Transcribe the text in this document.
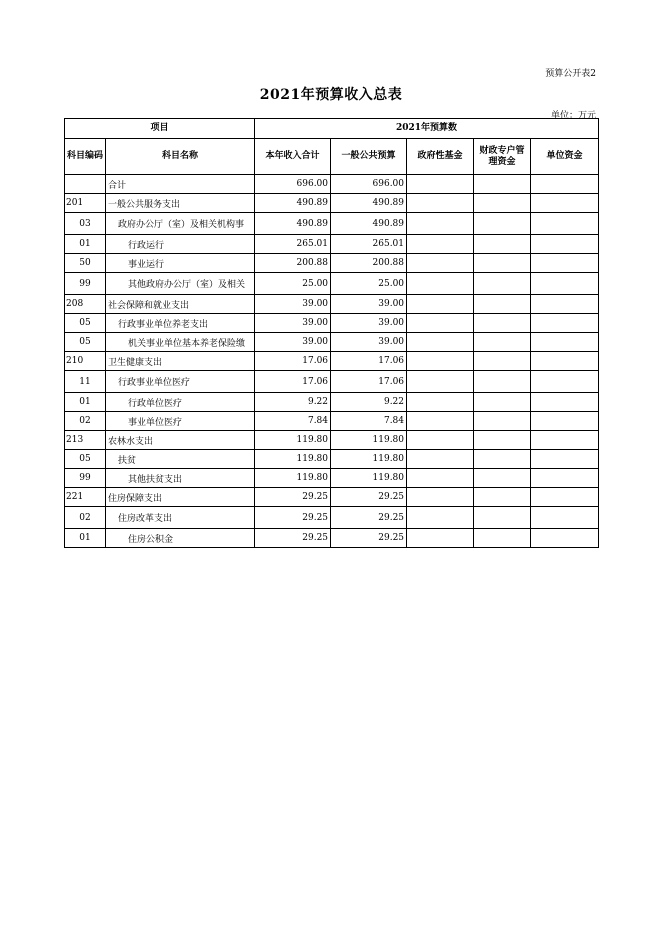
预算公开表2
2021年预算收入总表
单位：万元
项目		2021年预算数				
科目编码	科目名称	本年收入合计	一般公共预算	政府性基金	财政专户管理资金	单位资金
	合计	696.00	696.00			
201	一般公共服务支出	490.89	490.89			
03	政府办公厅（室）及相关机构事	490.89	490.89			
01	行政运行	265.01	265.01			
50	事业运行	200.88	200.88			
99	其他政府办公厅（室）及相关	25.00	25.00			
208	社会保障和就业支出	39.00	39.00			
05	行政事业单位养老支出	39.00	39.00			
05	机关事业单位基本养老保险缴	39.00	39.00			
210	卫生健康支出	17.06	17.06			
11	行政事业单位医疗	17.06	17.06			
01	行政单位医疗	9.22	9.22			
02	事业单位医疗	7.84	7.84			
213	农林水支出	119.80	119.80			
05	扶贫	119.80	119.80			
99	其他扶贫支出	119.80	119.80			
221	住房保障支出	29.25	29.25			
02	住房改革支出	29.25	29.25			
01	住房公积金	29.25	29.25			
